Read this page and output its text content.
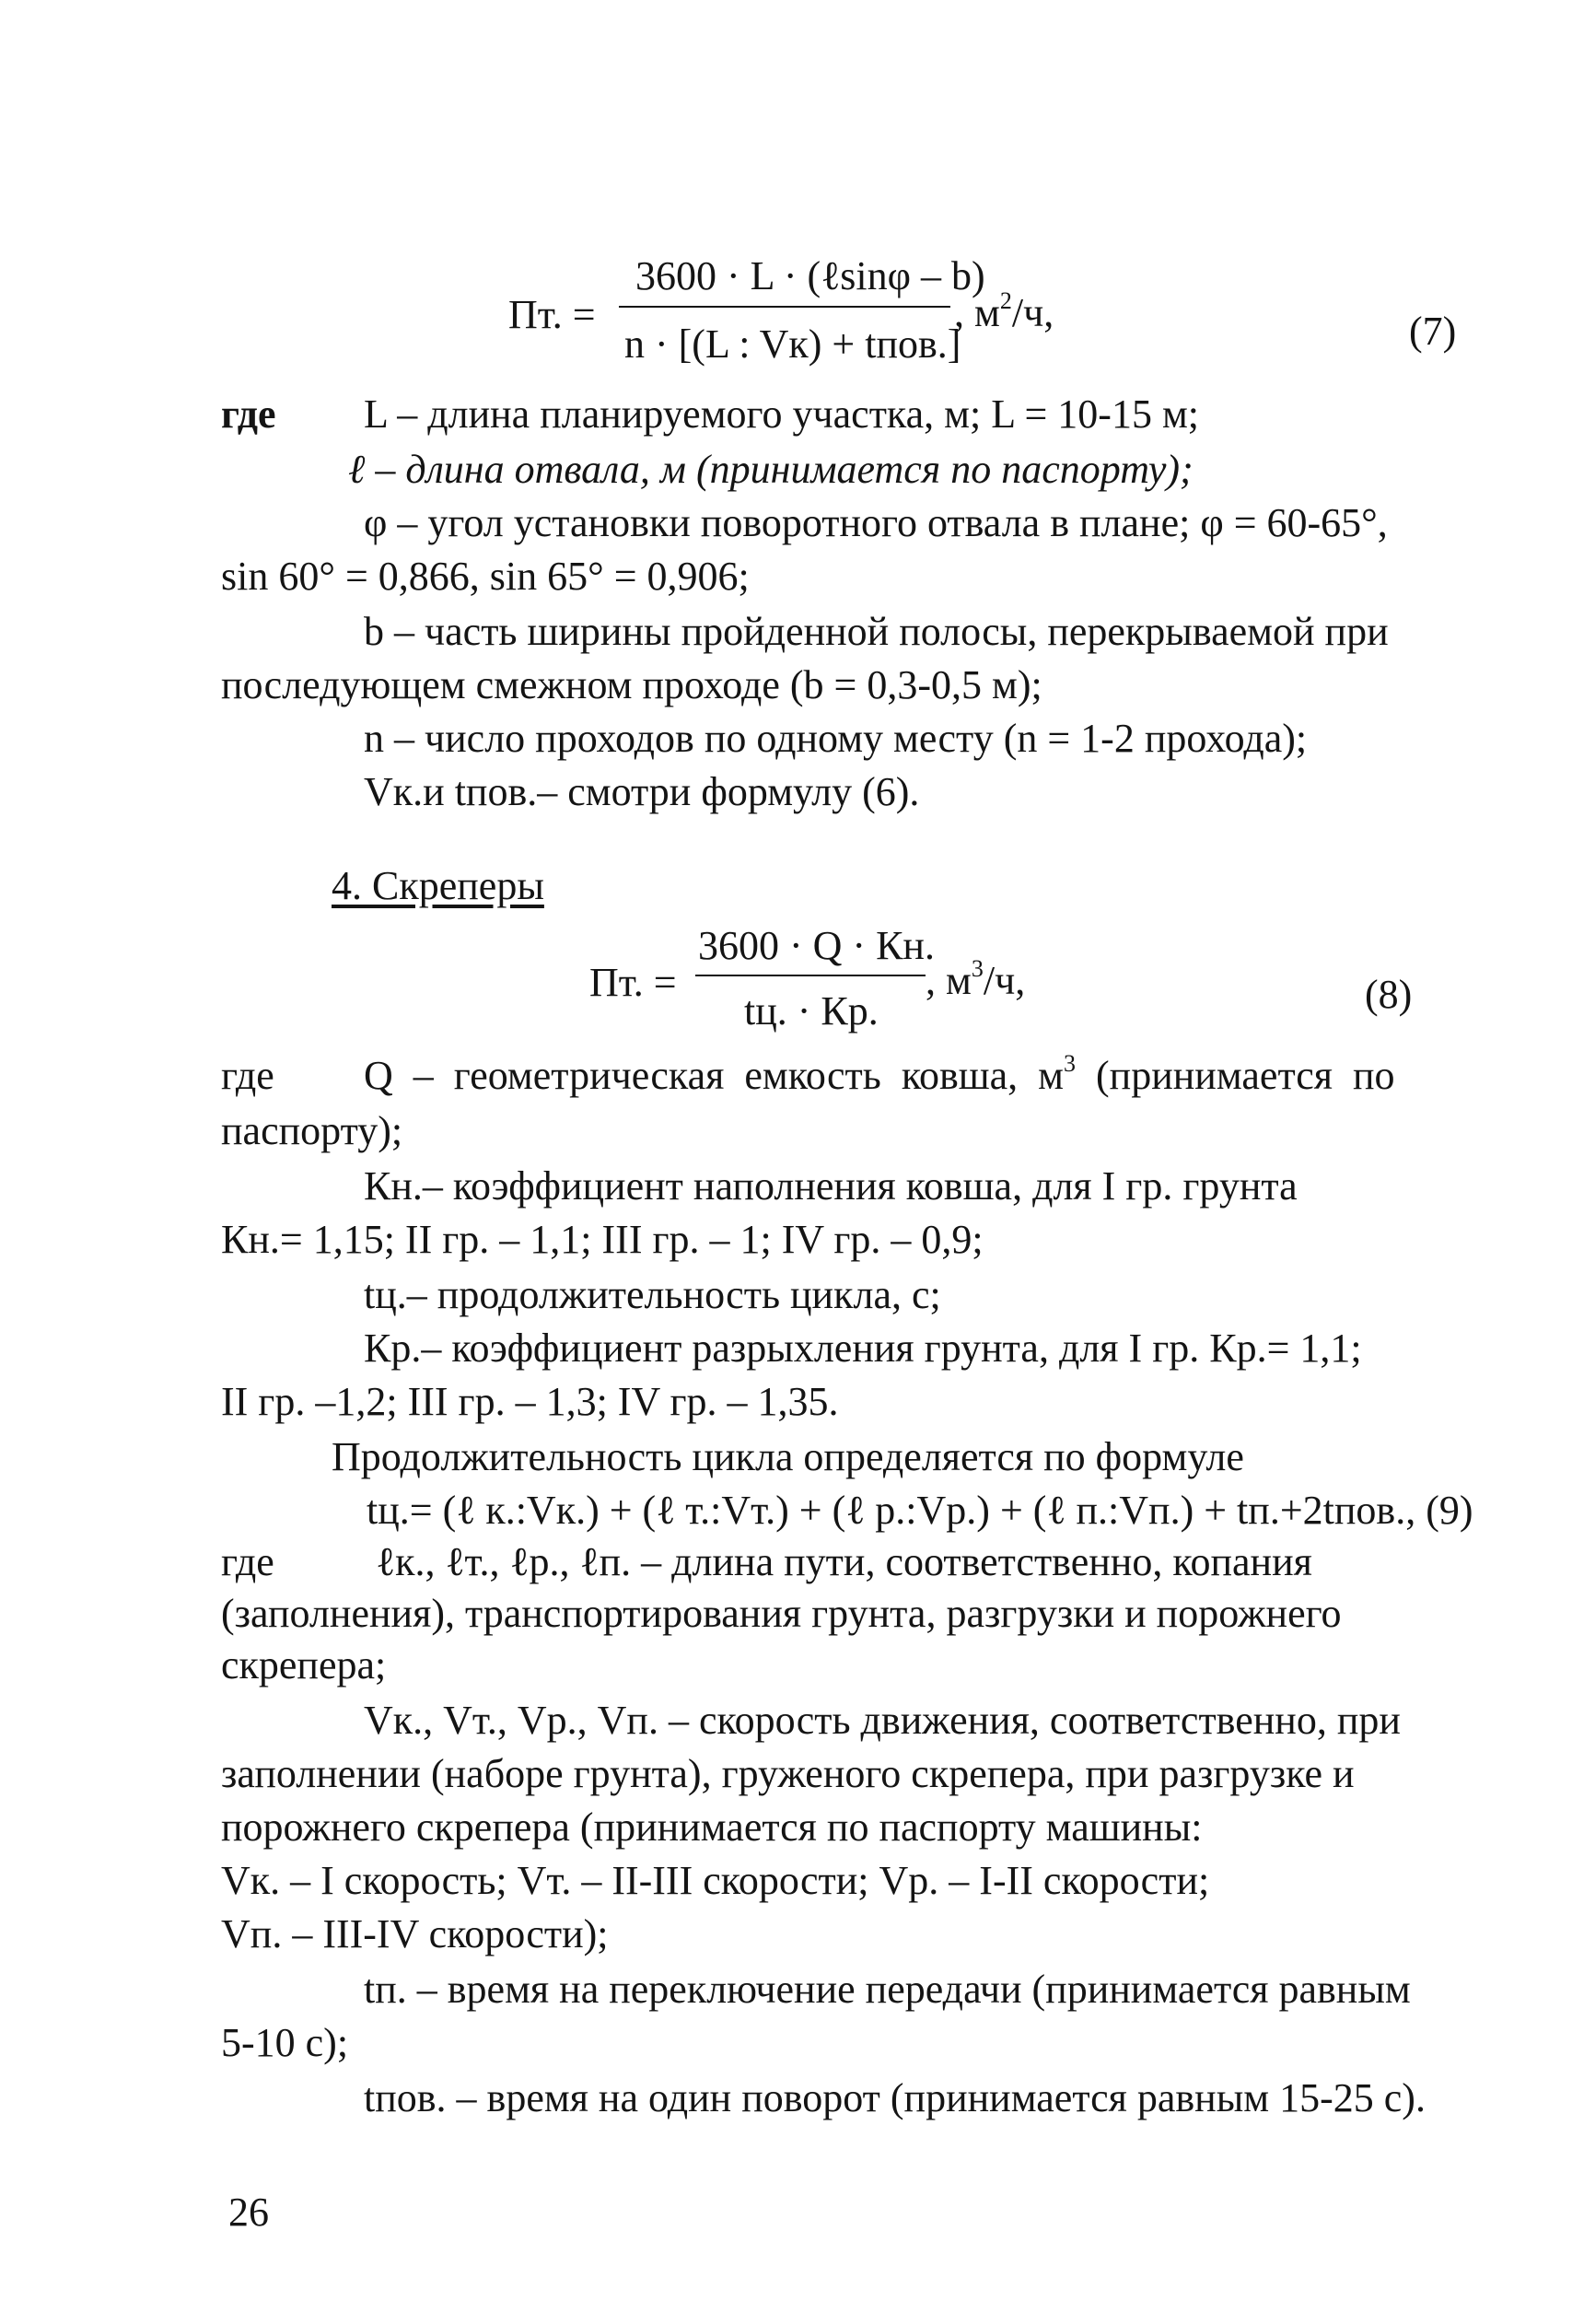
Пт. =
3600 · L · (ℓsinφ – b)
n · [(L : Vк) + tпов.]
, $м^2/ч$,	(7)
где L – длина планируемого участка, м; L = 10-15 м;
ℓ – длина отвала, м (принимается по паспорту);
φ – угол установки поворотного отвала в плане; φ = 60-65°,
sin 60° = 0,866, sin 65° = 0,906;
b – часть ширины пройденной полосы, перекрываемой при
последующем смежном проходе (b = 0,3-0,5 м);
n – число проходов по одному месту (n = 1-2 прохода);
Vк.и tпов.– смотри формулу (6).
4. Скреперы
Пт. =
3600 · Q · Кн.
tц. · Кр.
, $м^3/ч$,	(8)
где Q  –  геометрическая  емкость  ковша,  $м^3$  (принимается  по
паспорту);
Кн.– коэффициент наполнения ковша, для I гр. грунта
Кн.= 1,15; II гр. – 1,1; III гр. – 1; IV гр. – 0,9;
tц.– продолжительность цикла, с;
Кр.– коэффициент разрыхления грунта, для I гр. Кр.= 1,1;
II гр. –1,2; III гр. – 1,3; IV гр. – 1,35.
Продолжительность цикла определяется по формуле
tц.= (ℓ к.:Vк.) + (ℓ т.:Vт.) + (ℓ р.:Vр.) + (ℓ п.:Vп.) + tп.+2tпов., (9)
где	ℓк., ℓт., ℓр., ℓп. – длина пути, соответственно, копания
(заполнения), транспортирования грунта, разгрузки и порожнего
скрепера;
Vк., Vт., Vр., Vп. – скорость движения, соответственно, при
заполнении (наборе грунта), груженого скрепера, при разгрузке и
порожнего скрепера (принимается по паспорту машины:
Vк. – I скорость; Vт. – II-III скорости; Vр. – I-II скорости;
Vп. – III-IV скорости);
tп. – время на переключение передачи (принимается равным
5-10 с);
tпов. – время на один поворот (принимается равным 15-25 с).
26
